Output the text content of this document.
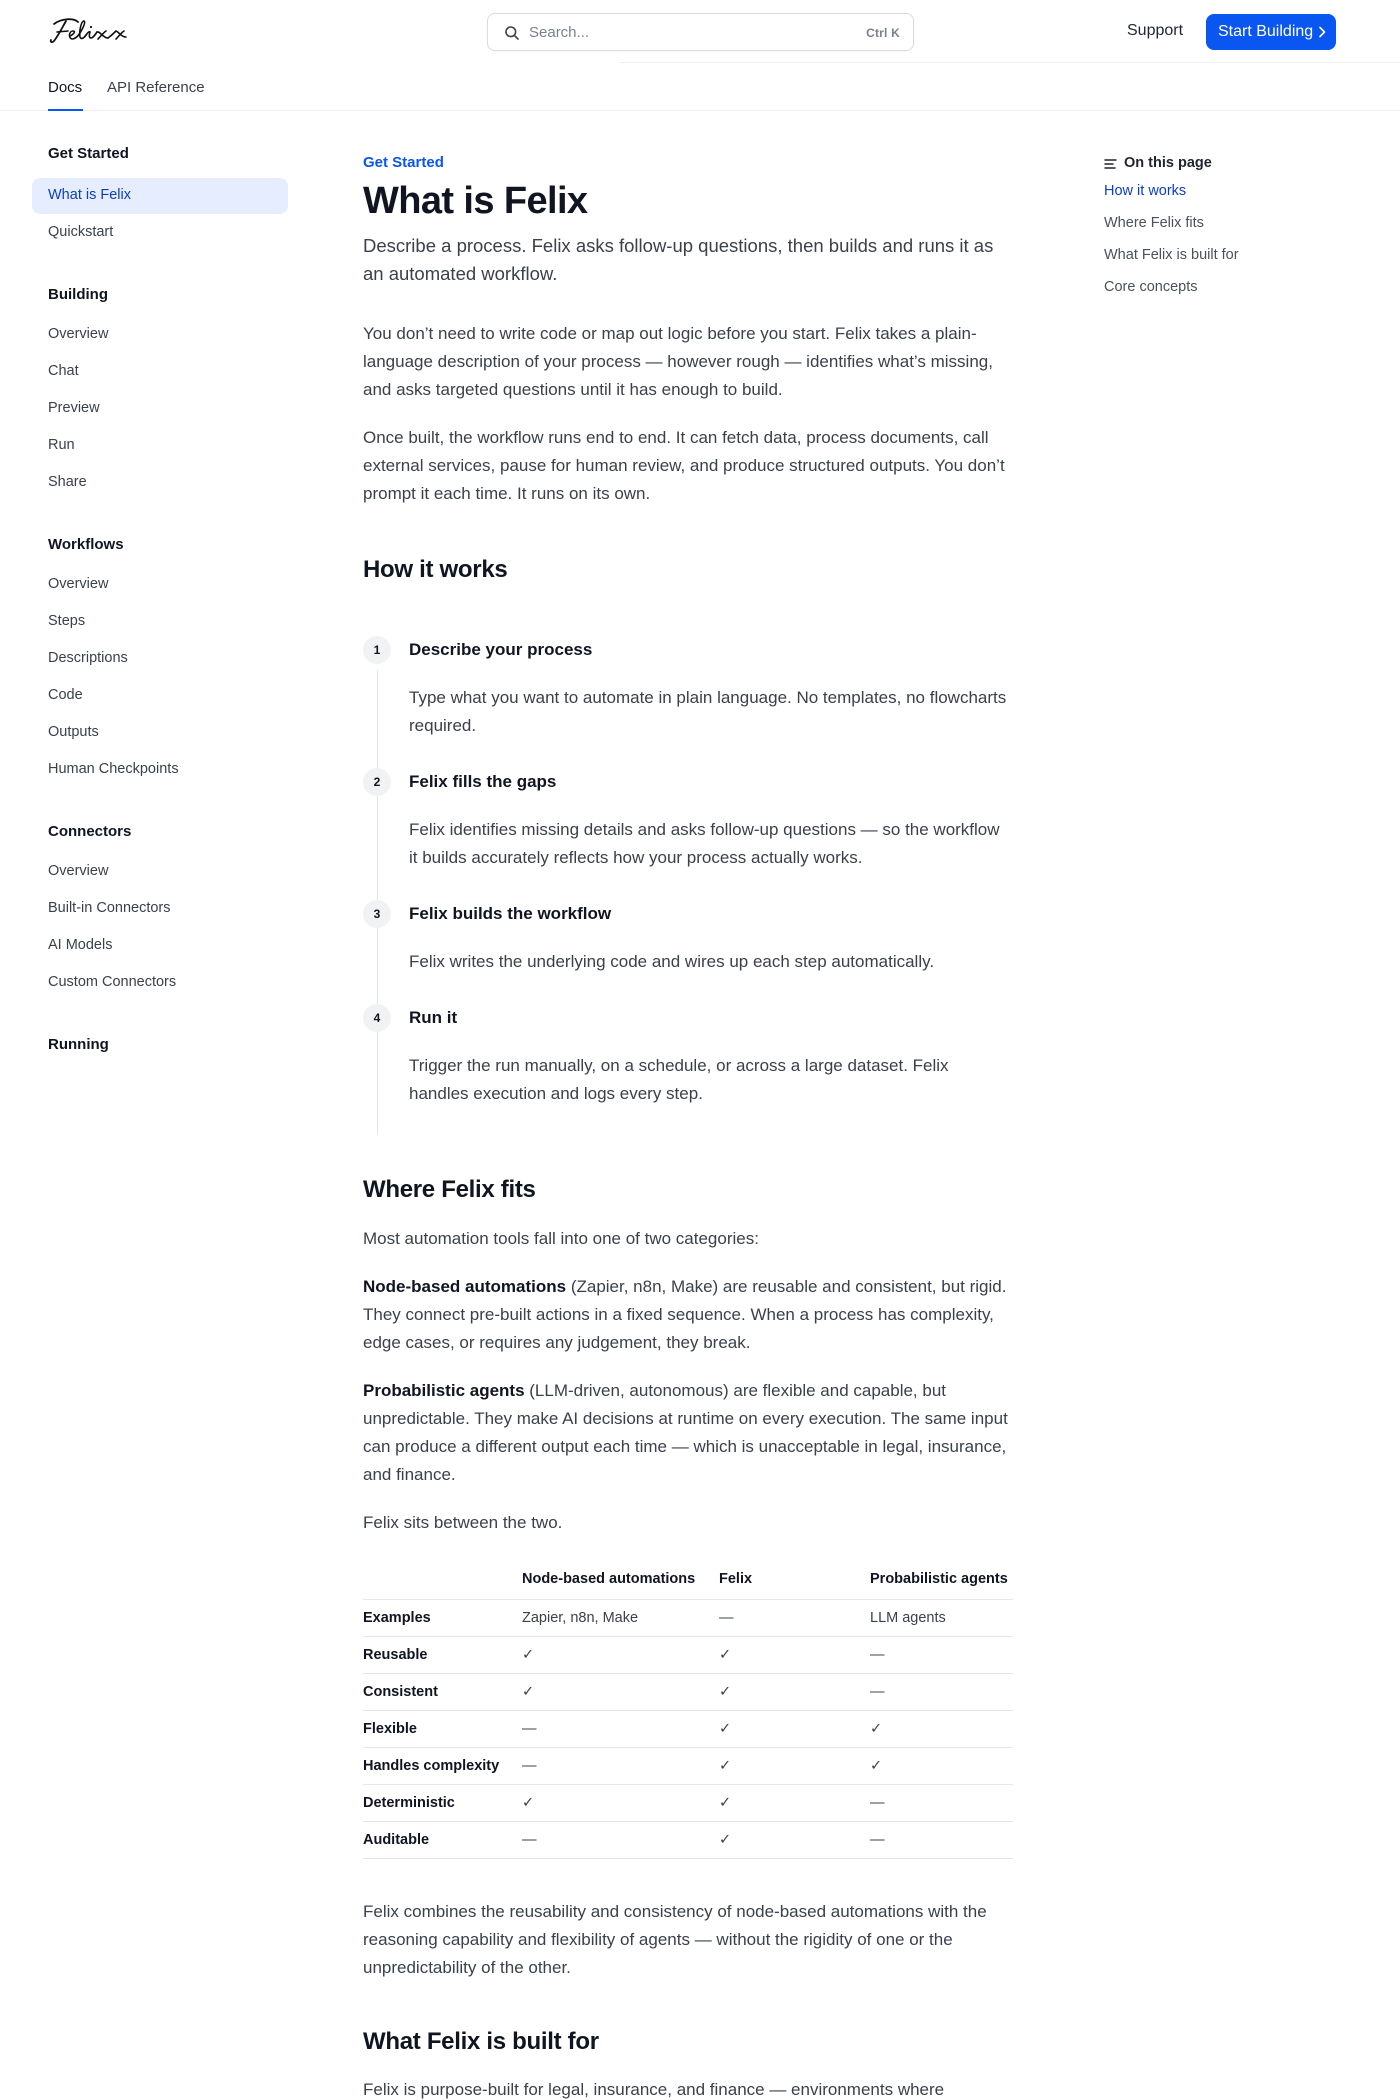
Search...	Ctrl K	Support	Start Building
Docs API Reference
Get Started
What is Felix
Quickstart
Building
Overview
Chat
Preview
Run
Share
Workflows
Overview
Steps
Descriptions
Code
Outputs
Human Checkpoints
Connectors
Overview
Built-in Connectors
AI Models
Custom Connectors
Running
Get Started
What is Felix

Describe a process. Felix asks follow-up questions, then builds and runs it as an automated workflow.

You don’t need to write code or map out logic before you start. Felix takes a plain-language description of your process — however rough — identifies what’s missing, and asks targeted questions until it has enough to build.

Once built, the workflow runs end to end. It can fetch data, process documents, call external services, pause for human review, and produce structured outputs. You don’t prompt it each time. It runs on its own.

How it works
1	Describe your process

Type what you want to automate in plain language. No templates, no flowcharts required.

2	Felix fills the gaps

Felix identifies missing details and asks follow-up questions — so the workflow it builds accurately reflects how your process actually works.

3	Felix builds the workflow

Felix writes the underlying code and wires up each step automatically.

4	Run it

Trigger the run manually, on a schedule, or across a large dataset. Felix handles execution and logs every step.

Where Felix fits

Most automation tools fall into one of two categories:

Node-based automations (Zapier, n8n, Make) are reusable and consistent, but rigid. They connect pre-built actions in a fixed sequence. When a process has complexity, edge cases, or requires any judgement, they break.

Probabilistic agents (LLM-driven, autonomous) are flexible and capable, but unpredictable. They make AI decisions at runtime on every execution. The same input can produce a different output each time — which is unacceptable in legal, insurance, and finance.

Felix sits between the two.

	Node-based automations	Felix	Probabilistic agents
Examples	Zapier, n8n, Make	—	LLM agents
Reusable	✓	✓	—
Consistent	✓	✓	—
Flexible	—	✓	✓
Handles complexity	—	✓	✓
Deterministic	✓	✓	—
Auditable	—	✓	—

Felix combines the reusability and consistency of node-based automations with the reasoning capability and flexibility of agents — without the rigidity of one or the unpredictability of the other.

What Felix is built for

Felix is purpose-built for legal, insurance, and finance — environments where

On this page
How it works
Where Felix fits
What Felix is built for
Core concepts
